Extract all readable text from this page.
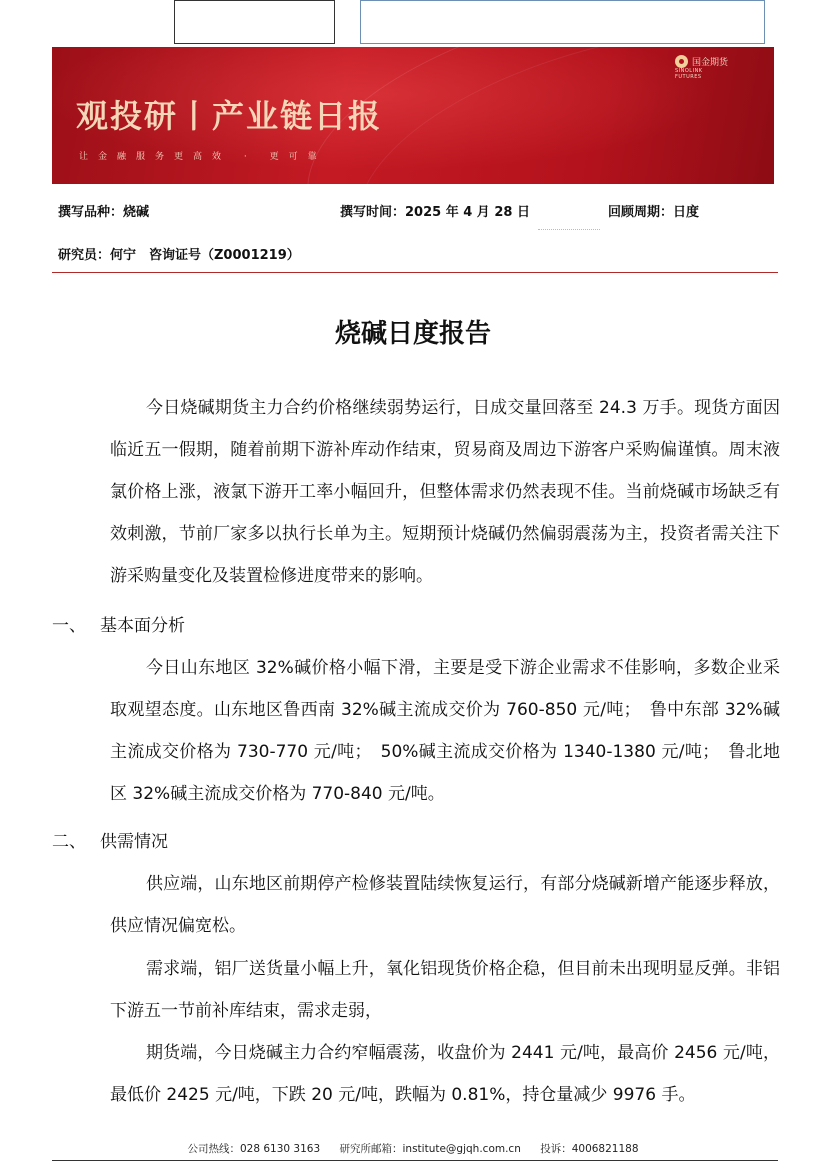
观投研丨产业链日报
让金融服务更高效 · 更可靠
国金期货
SINOLINK FUTURES
撰写品种：烧碱	撰写时间：2025 年 4 月 28 日	回顾周期：日度
研究员：何宁　咨询证号（Z0001219）
烧碱日度报告
今日烧碱期货主力合约价格继续弱势运行，日成交量回落至 24.3 万手。现货方面因临近五一假期，随着前期下游补库动作结束，贸易商及周边下游客户采购偏谨慎。周末液氯价格上涨，液氯下游开工率小幅回升，但整体需求仍然表现不佳。当前烧碱市场缺乏有效刺激，节前厂家多以执行长单为主。短期预计烧碱仍然偏弱震荡为主，投资者需关注下游采购量变化及装置检修进度带来的影响。
一、 基本面分析
今日山东地区 32%碱价格小幅下滑，主要是受下游企业需求不佳影响，多数企业采取观望态度。山东地区鲁西南 32%碱主流成交价为 760-850 元/吨；　鲁中东部 32%碱主流成交价格为 730-770 元/吨；　50%碱主流成交价格为 1340-1380 元/吨；　鲁北地区 32%碱主流成交价格为 770-840 元/吨。
二、 供需情况
供应端，山东地区前期停产检修装置陆续恢复运行，有部分烧碱新增产能逐步释放，供应情况偏宽松。
需求端，铝厂送货量小幅上升，氧化铝现货价格企稳，但目前未出现明显反弹。非铝下游五一节前补库结束，需求走弱，
期货端，今日烧碱主力合约窄幅震荡，收盘价为 2441 元/吨，最高价 2456 元/吨，最低价 2425 元/吨，下跌 20 元/吨，跌幅为 0.81%，持仓量减少 9976 手。
公司热线：028 6130 3163 研究所邮箱：institute@gjqh.com.cn 投诉：4006821188
